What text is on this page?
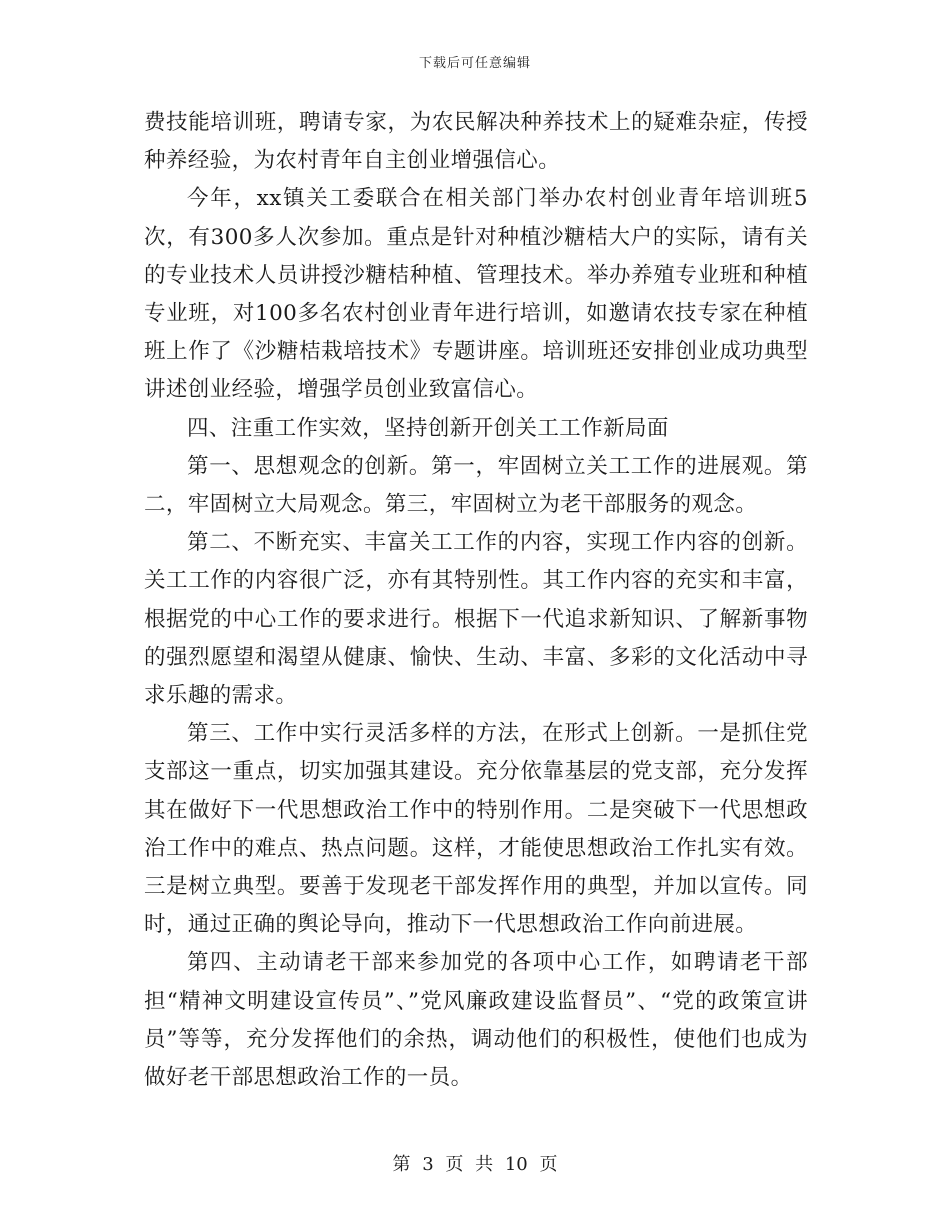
下载后可任意编辑

费技能培训班，聘请专家，为农民解决种养技术上的疑难杂症，传授种养经验，为农村青年自主创业增强信心。

今年，xx镇关工委联合在相关部门举办农村创业青年培训班5次，有300多人次参加。重点是针对种植沙糖桔大户的实际，请有关的专业技术人员讲授沙糖桔种植、管理技术。举办养殖专业班和种植专业班，对100多名农村创业青年进行培训，如邀请农技专家在种植班上作了《沙糖桔栽培技术》专题讲座。培训班还安排创业成功典型讲述创业经验，增强学员创业致富信心。

四、注重工作实效，坚持创新开创关工工作新局面

第一、思想观念的创新。第一，牢固树立关工工作的进展观。第二，牢固树立大局观念。第三，牢固树立为老干部服务的观念。

第二、不断充实、丰富关工工作的内容，实现工作内容的创新。关工工作的内容很广泛，亦有其特别性。其工作内容的充实和丰富，根据党的中心工作的要求进行。根据下一代追求新知识、了解新事物的强烈愿望和渴望从健康、愉快、生动、丰富、多彩的文化活动中寻求乐趣的需求。

第三、工作中实行灵活多样的方法，在形式上创新。一是抓住党支部这一重点，切实加强其建设。充分依靠基层的党支部，充分发挥其在做好下一代思想政治工作中的特别作用。二是突破下一代思想政治工作中的难点、热点问题。这样，才能使思想政治工作扎实有效。三是树立典型。要善于发现老干部发挥作用的典型，并加以宣传。同时，通过正确的舆论导向，推动下一代思想政治工作向前进展。

第四、主动请老干部来参加党的各项中心工作，如聘请老干部担“精神文明建设宣传员”、”党风廉政建设监督员”、“党的政策宣讲员”等等，充分发挥他们的余热，调动他们的积极性，使他们也成为做好老干部思想政治工作的一员。

第 3 页 共 10 页
